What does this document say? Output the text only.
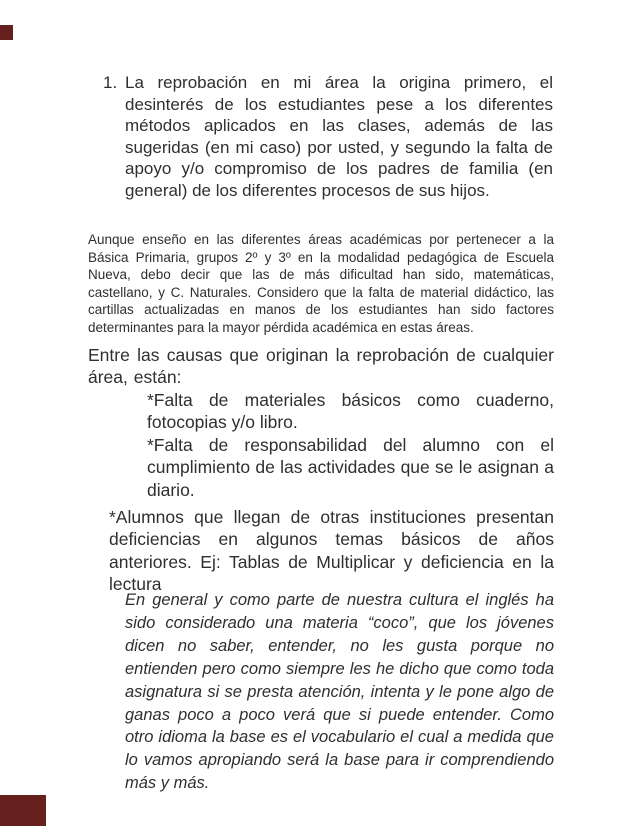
1. La reprobación en mi área la origina primero, el desinterés de los estudiantes pese a los diferentes métodos aplicados en las clases, además de las sugeridas (en mi caso) por usted, y segundo la falta de apoyo y/o compromiso de los padres de familia (en general) de los diferentes procesos de sus hijos.
Aunque enseño en las diferentes áreas académicas por pertenecer a la Básica Primaria, grupos 2º y 3º en la modalidad pedagógica de Escuela Nueva, debo decir que las de más dificultad han sido, matemáticas, castellano, y C. Naturales. Considero que la falta de material didáctico, las cartillas actualizadas en manos de los estudiantes han sido factores determinantes para la mayor pérdida académica en estas áreas.
Entre las causas que originan la reprobación de cualquier área, están:
*Falta de materiales básicos como cuaderno, fotocopias y/o libro.
*Falta de responsabilidad del alumno con el cumplimiento de las actividades que se le asignan a diario.
*Alumnos que llegan de otras instituciones presentan deficiencias en algunos temas básicos de años anteriores. Ej: Tablas de Multiplicar y deficiencia en la lectura
En general y como parte de nuestra cultura el inglés ha sido considerado una materia “coco”, que los jóvenes dicen no saber, entender, no les gusta porque no entienden pero como siempre les he dicho que como toda asignatura si se presta atención, intenta y le pone algo de ganas poco a poco verá que si puede entender. Como otro idioma la base es el vocabulario el cual a medida que lo vamos apropiando será la base para ir comprendiendo más y más.
